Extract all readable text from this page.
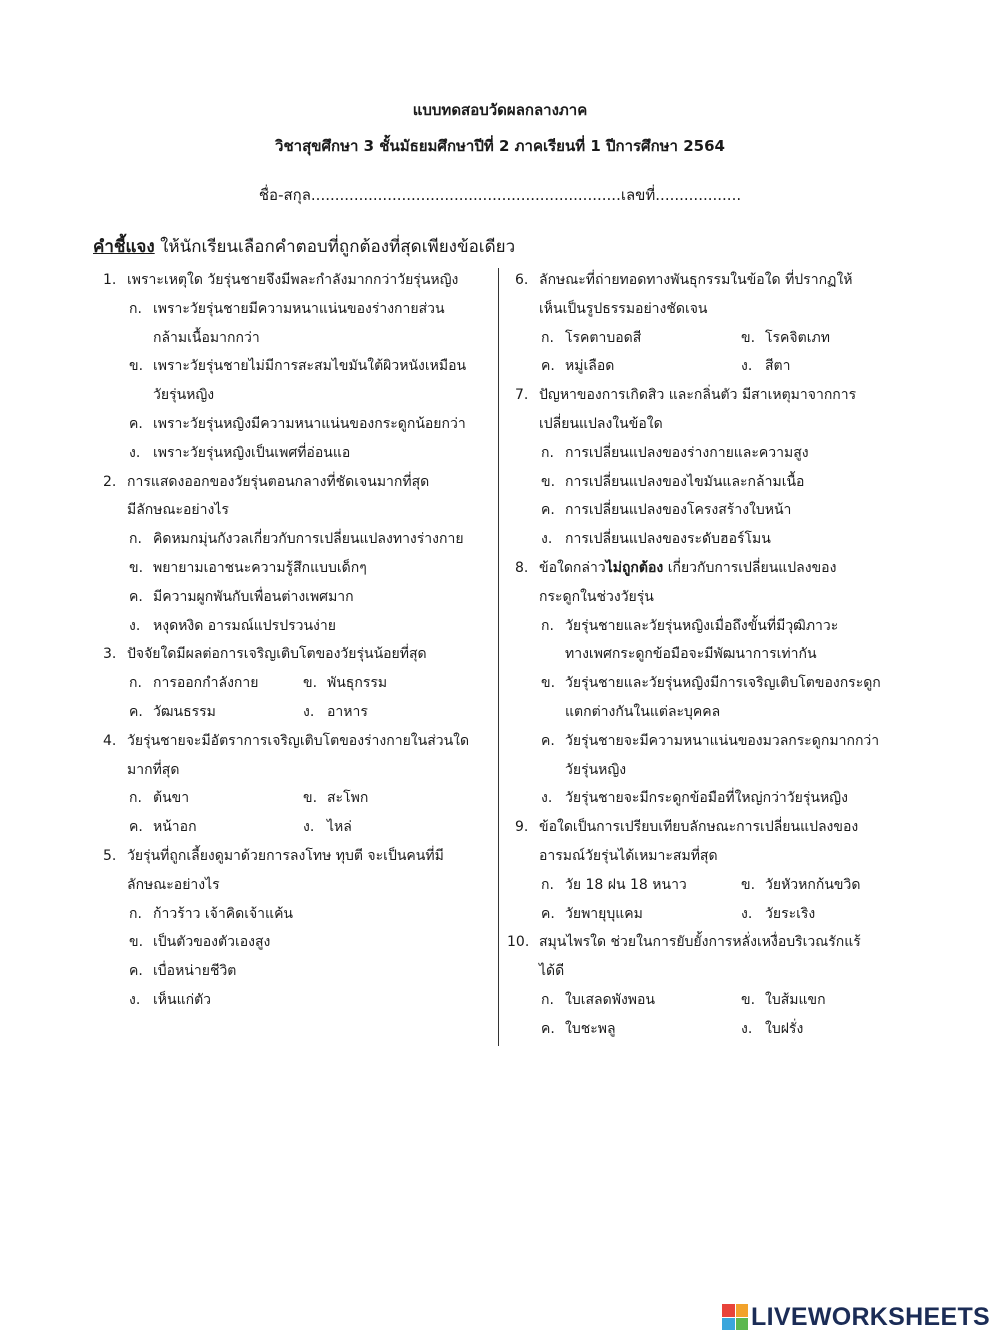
แบบทดสอบวัดผลกลางภาค
วิชาสุขศึกษา 3 ชั้นมัธยมศึกษาปีที่ 2 ภาคเรียนที่ 1 ปีการศึกษา 2564
ชื่อ-สกุล.................................................................เลขที่..................
คำชี้แจง ให้นักเรียนเลือกคำตอบที่ถูกต้องที่สุดเพียงข้อเดียว
1. เพราะเหตุใด วัยรุ่นชายจึงมีพละกำลังมากกว่าวัยรุ่นหญิง
ก. เพราะวัยรุ่นชายมีความหนาแน่นของร่างกายส่วน
กล้ามเนื้อมากกว่า
ข. เพราะวัยรุ่นชายไม่มีการสะสมไขมันใต้ผิวหนังเหมือน
วัยรุ่นหญิง
ค. เพราะวัยรุ่นหญิงมีความหนาแน่นของกระดูกน้อยกว่า
ง. เพราะวัยรุ่นหญิงเป็นเพศที่อ่อนแอ
2. การแสดงออกของวัยรุ่นตอนกลางที่ชัดเจนมากที่สุด
มีลักษณะอย่างไร
ก. คิดหมกมุ่นกังวลเกี่ยวกับการเปลี่ยนแปลงทางร่างกาย
ข. พยายามเอาชนะความรู้สึกแบบเด็กๆ
ค. มีความผูกพันกับเพื่อนต่างเพศมาก
ง. หงุดหงิด อารมณ์แปรปรวนง่าย
3. ปัจจัยใดมีผลต่อการเจริญเติบโตของวัยรุ่นน้อยที่สุด
ก. การออกกำลังกาย	ข. พันธุกรรม
ค. วัฒนธรรม	ง. อาหาร
4. วัยรุ่นชายจะมีอัตราการเจริญเติบโตของร่างกายในส่วนใด
มากที่สุด
ก. ต้นขา	ข. สะโพก
ค. หน้าอก	ง. ไหล่
5. วัยรุ่นที่ถูกเลี้ยงดูมาด้วยการลงโทษ ทุบตี จะเป็นคนที่มี
ลักษณะอย่างไร
ก. ก้าวร้าว เจ้าคิดเจ้าแค้น
ข. เป็นตัวของตัวเองสูง
ค. เบื่อหน่ายชีวิต
ง. เห็นแก่ตัว
6. ลักษณะที่ถ่ายทอดทางพันธุกรรมในข้อใด ที่ปรากฏให้
เห็นเป็นรูปธรรมอย่างชัดเจน
ก. โรคตาบอดสี	ข. โรคจิตเภท
ค. หมู่เลือด	ง. สีตา
7. ปัญหาของการเกิดสิว และกลิ่นตัว มีสาเหตุมาจากการ
เปลี่ยนแปลงในข้อใด
ก. การเปลี่ยนแปลงของร่างกายและความสูง
ข. การเปลี่ยนแปลงของไขมันและกล้ามเนื้อ
ค. การเปลี่ยนแปลงของโครงสร้างใบหน้า
ง. การเปลี่ยนแปลงของระดับฮอร์โมน
8. ข้อใดกล่าวไม่ถูกต้อง เกี่ยวกับการเปลี่ยนแปลงของ
กระดูกในช่วงวัยรุ่น
ก. วัยรุ่นชายและวัยรุ่นหญิงเมื่อถึงขั้นที่มีวุฒิภาวะ
ทางเพศกระดูกข้อมือจะมีพัฒนาการเท่ากัน
ข. วัยรุ่นชายและวัยรุ่นหญิงมีการเจริญเติบโตของกระดูก
แตกต่างกันในแต่ละบุคคล
ค. วัยรุ่นชายจะมีความหนาแน่นของมวลกระดูกมากกว่า
วัยรุ่นหญิง
ง. วัยรุ่นชายจะมีกระดูกข้อมือที่ใหญ่กว่าวัยรุ่นหญิง
9. ข้อใดเป็นการเปรียบเทียบลักษณะการเปลี่ยนแปลงของ
อารมณ์วัยรุ่นได้เหมาะสมที่สุด
ก. วัย 18 ฝน 18 หนาว	ข. วัยหัวหกก้นขวิด
ค. วัยพายุบุแคม	ง. วัยระเริง
10. สมุนไพรใด ช่วยในการยับยั้งการหลั่งเหงื่อบริเวณรักแร้
ได้ดี
ก. ใบเสลดพังพอน	ข. ใบส้มแขก
ค. ใบชะพลู	ง. ใบฝรั่ง
LIVEWORKSHEETS
